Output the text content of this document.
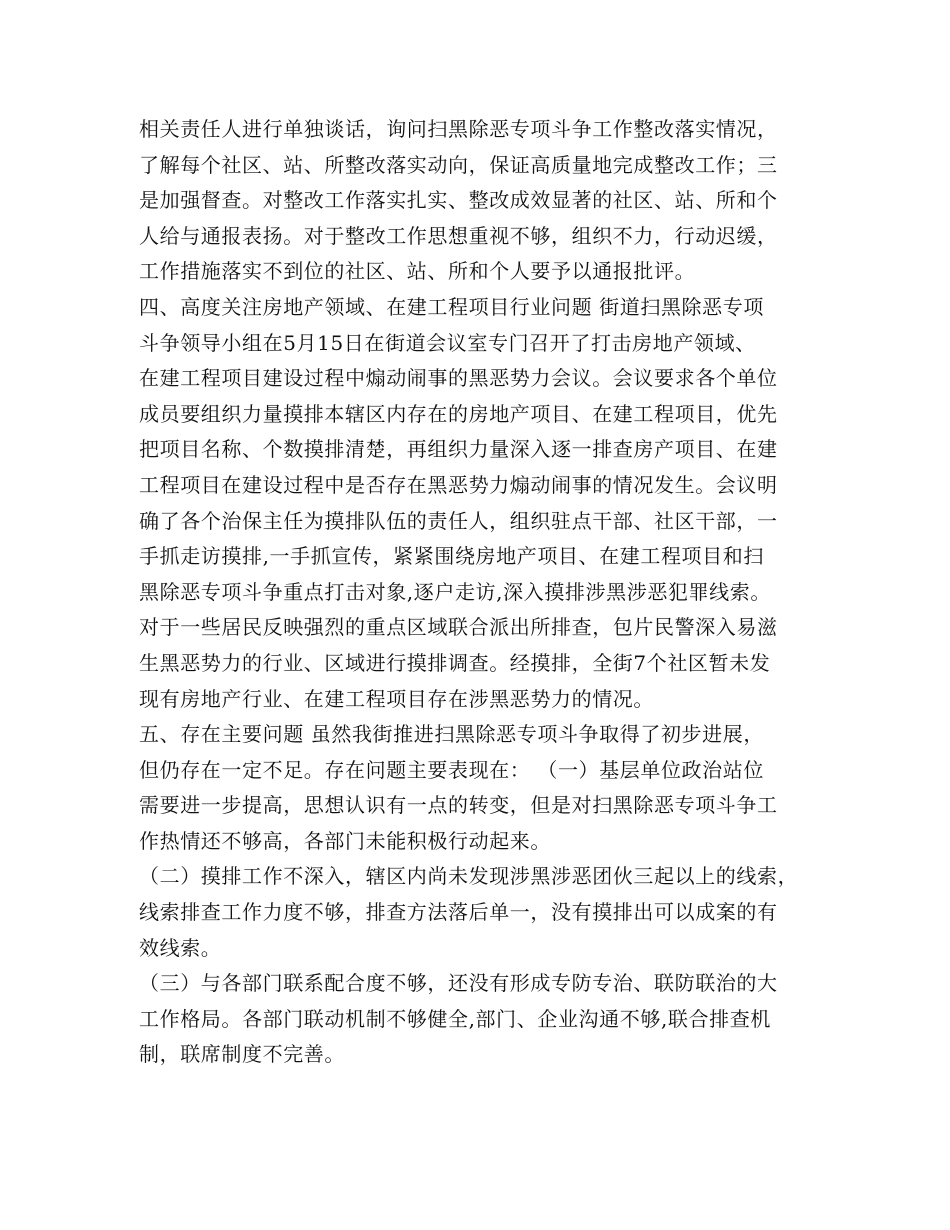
相关责任人进行单独谈话，询问扫黑除恶专项斗争工作整改落实情况，
了解每个社区、站、所整改落实动向，保证高质量地完成整改工作；三
是加强督查。对整改工作落实扎实、整改成效显著的社区、站、所和个
人给与通报表扬。对于整改工作思想重视不够，组织不力，行动迟缓，
工作措施落实不到位的社区、站、所和个人要予以通报批评。
四、高度关注房地产领域、在建工程项目行业问题 街道扫黑除恶专项
斗争领导小组在5月15日在街道会议室专门召开了打击房地产领域、
在建工程项目建设过程中煽动闹事的黑恶势力会议。会议要求各个单位
成员要组织力量摸排本辖区内存在的房地产项目、在建工程项目，优先
把项目名称、个数摸排清楚，再组织力量深入逐一排查房产项目、在建
工程项目在建设过程中是否存在黑恶势力煽动闹事的情况发生。会议明
确了各个治保主任为摸排队伍的责任人，组织驻点干部、社区干部，一
手抓走访摸排,一手抓宣传，紧紧围绕房地产项目、在建工程项目和扫
黑除恶专项斗争重点打击对象,逐户走访,深入摸排涉黑涉恶犯罪线索。
对于一些居民反映强烈的重点区域联合派出所排查，包片民警深入易滋
生黑恶势力的行业、区域进行摸排调查。经摸排，全街7个社区暂未发
现有房地产行业、在建工程项目存在涉黑恶势力的情况。
五、存在主要问题 虽然我街推进扫黑除恶专项斗争取得了初步进展，
但仍存在一定不足。存在问题主要表现在： （一）基层单位政治站位
需要进一步提高，思想认识有一点的转变，但是对扫黑除恶专项斗争工
作热情还不够高，各部门未能积极行动起来。
（二）摸排工作不深入，辖区内尚未发现涉黑涉恶团伙三起以上的线索，
线索排查工作力度不够，排查方法落后单一，没有摸排出可以成案的有
效线索。
（三）与各部门联系配合度不够，还没有形成专防专治、联防联治的大
工作格局。各部门联动机制不够健全,部门、企业沟通不够,联合排查机
制，联席制度不完善。
